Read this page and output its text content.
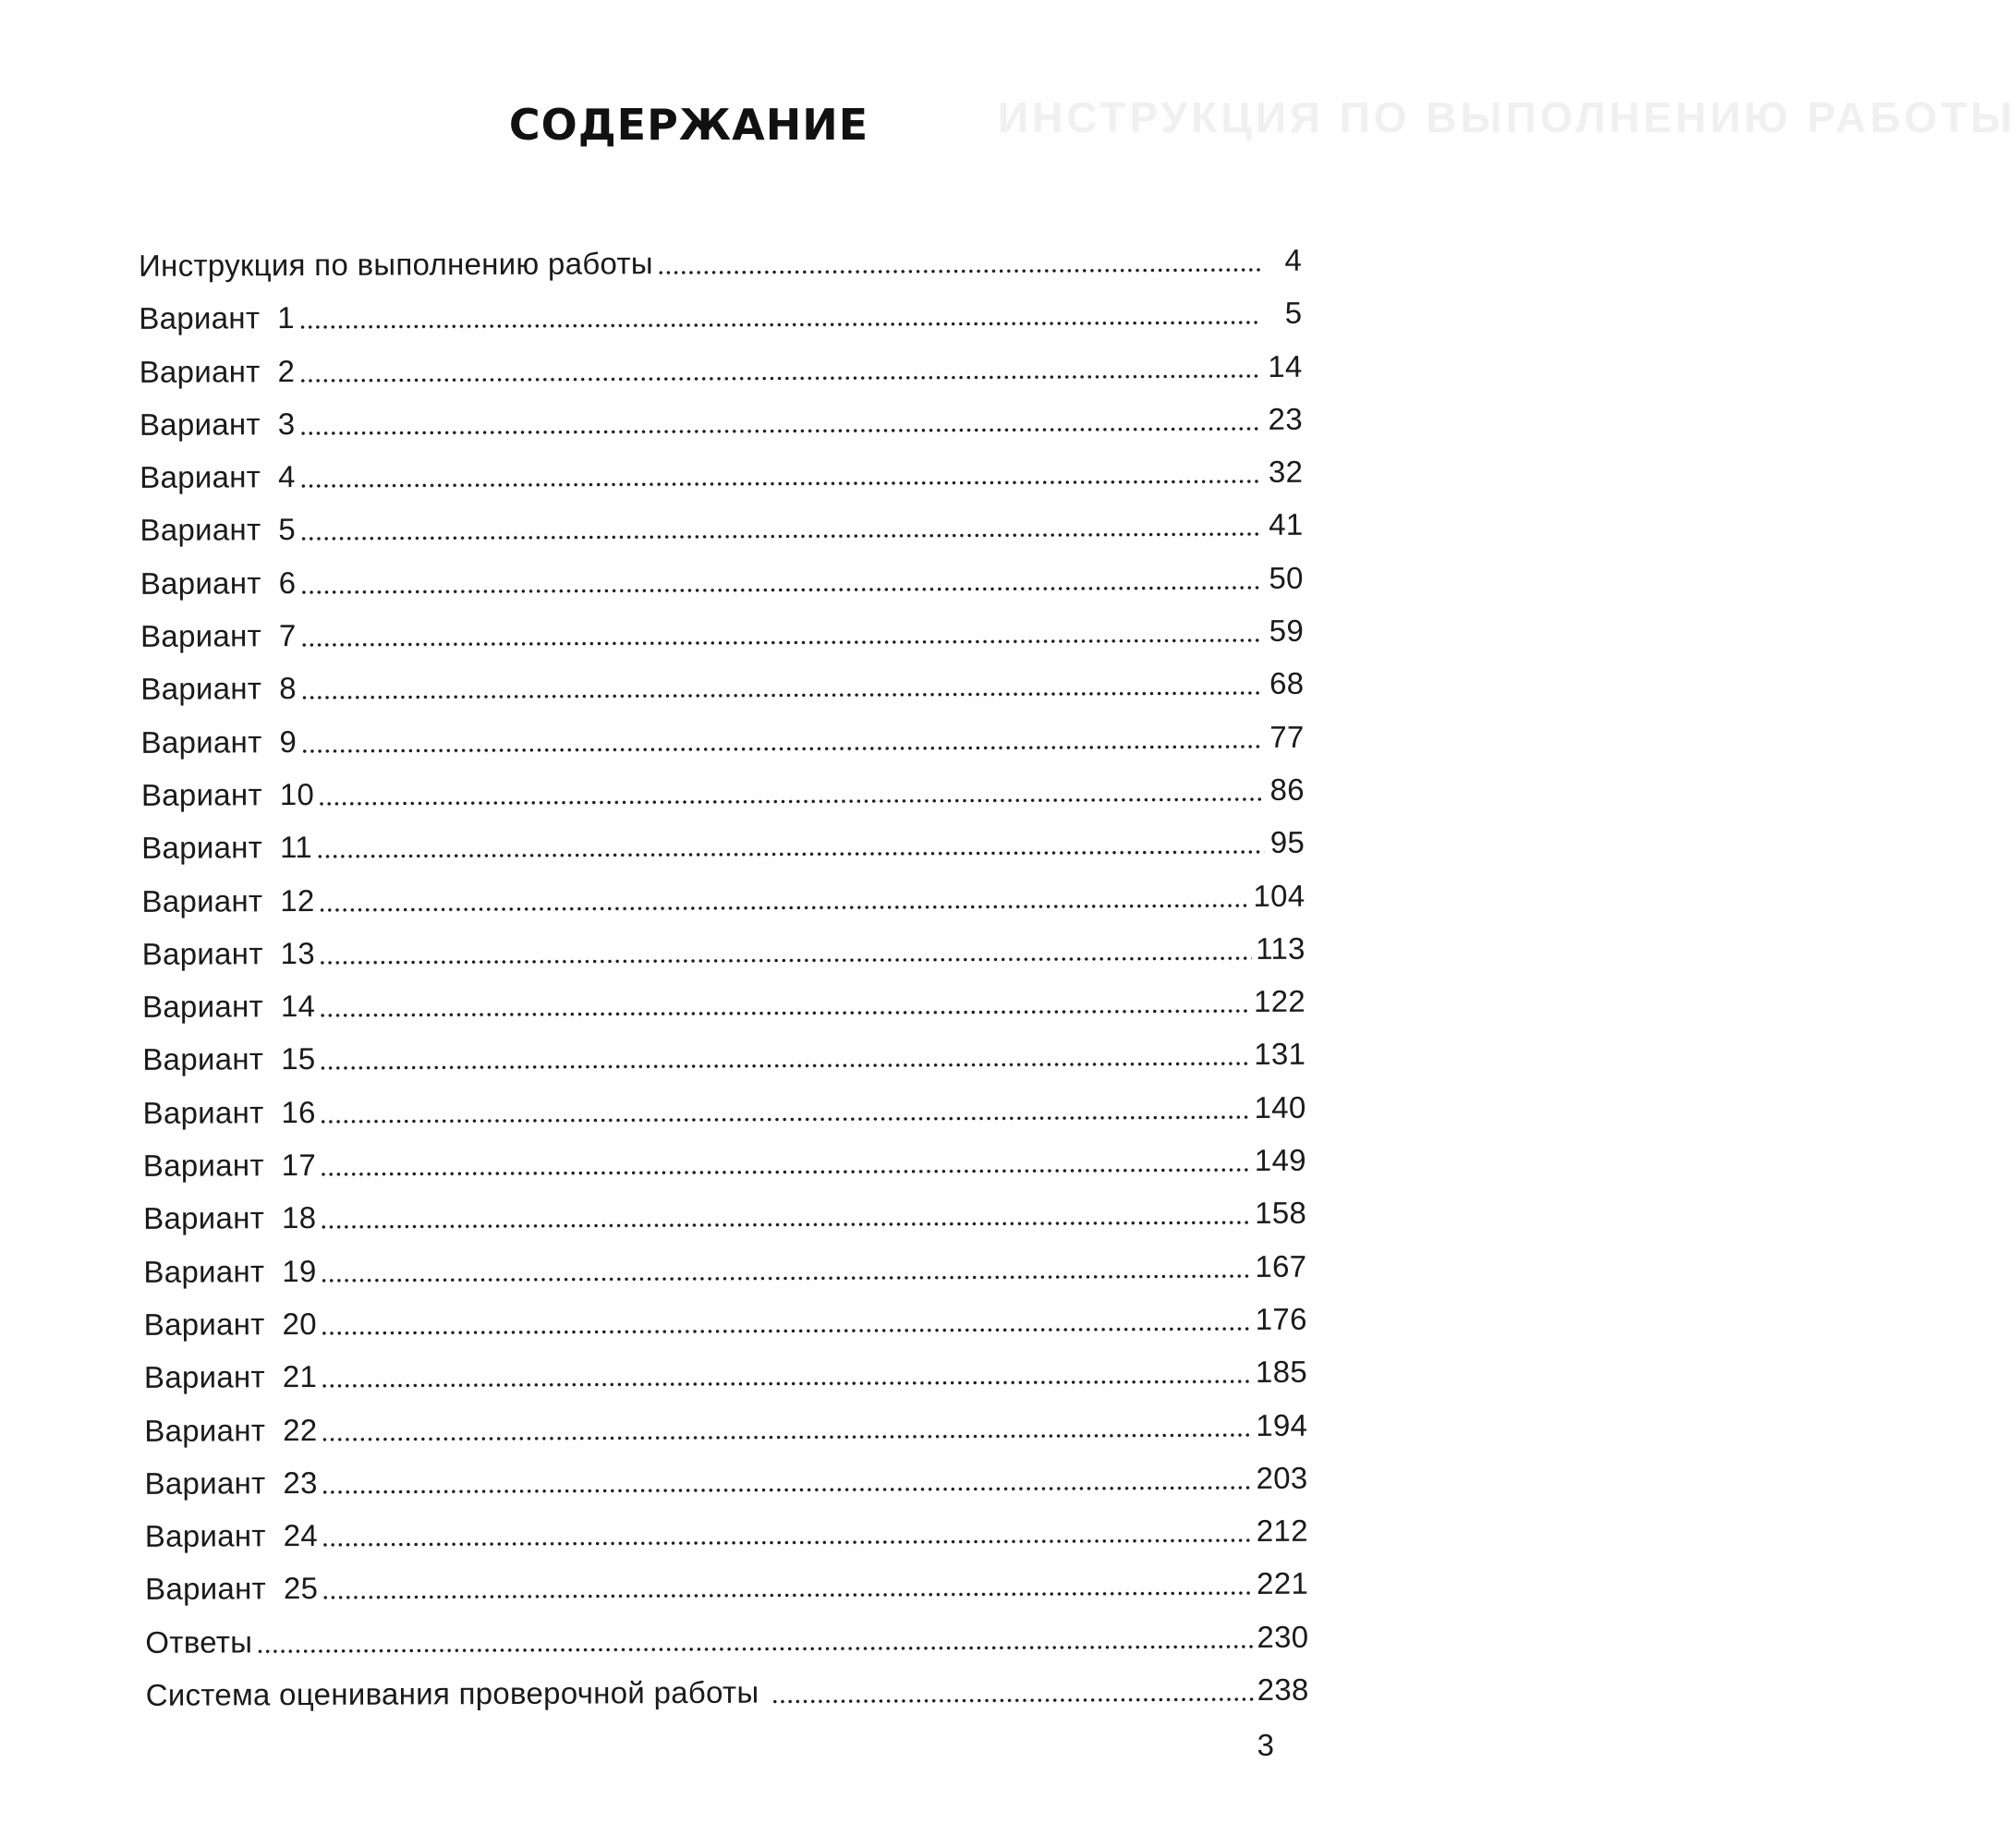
ИНСТРУКЦИЯ ПО ВЫПОЛНЕНИЮ РАБОТЫ
СОДЕРЖАНИЕ
Инструкция по выполнению работы	4
Вариант  1	5
Вариант  2	14
Вариант  3	23
Вариант  4	32
Вариант  5	41
Вариант  6	50
Вариант  7	59
Вариант  8	68
Вариант  9	77
Вариант  10	86
Вариант  11	95
Вариант  12	104
Вариант  13	113
Вариант  14	122
Вариант  15	131
Вариант  16	140
Вариант  17	149
Вариант  18	158
Вариант  19	167
Вариант  20	176
Вариант  21	185
Вариант  22	194
Вариант  23	203
Вариант  24	212
Вариант  25	221
Ответы	230
Система оценивания проверочной работы	238
3
